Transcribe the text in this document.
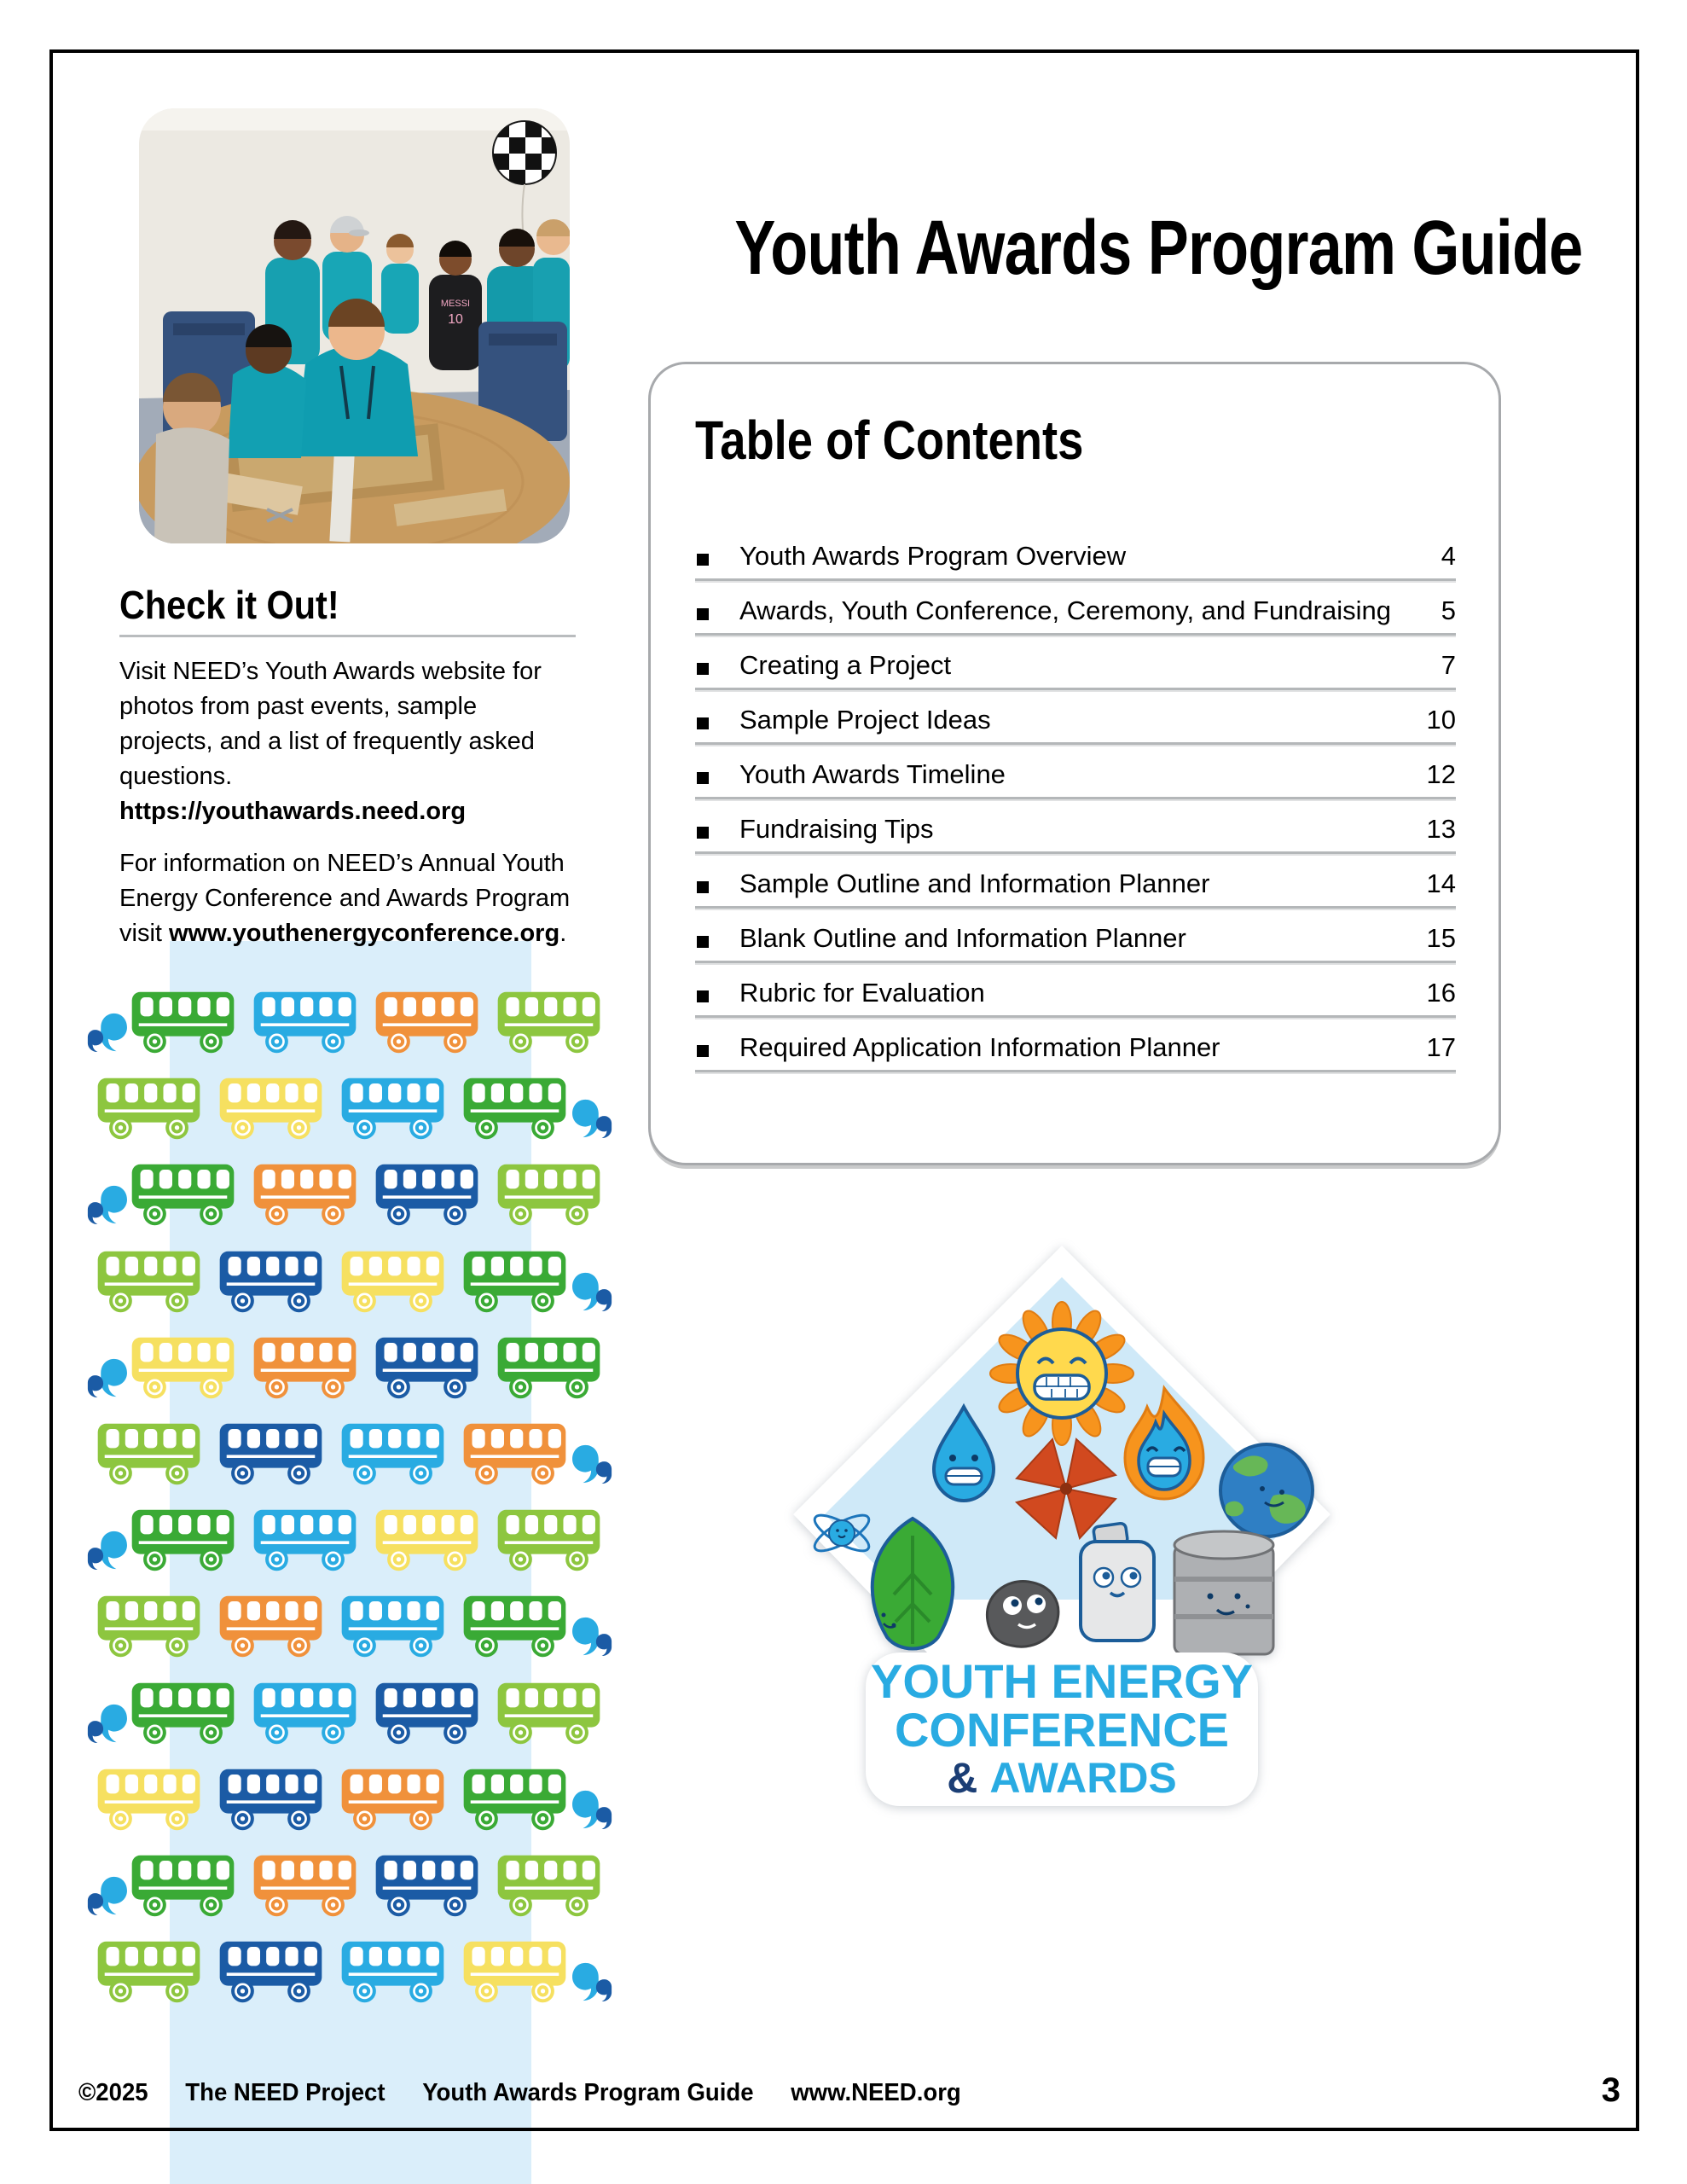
MESSI
10
Check it Out!

Visit NEED’s Youth Awards website for photos from past events, sample projects, and a list of frequently asked questions. https://youthawards.need.org

For information on NEED’s Annual Youth Energy Conference and Awards Program visit www.youthenergyconference.org.

Youth Awards Program Guide
Table of Contents
Youth Awards Program Overview	4
Awards, Youth Conference, Ceremony, and Fundraising 5
Creating a Project	7
Sample Project Ideas	10
Youth Awards Timeline	12
Fundraising Tips	13
Sample Outline and Information Planner	14
Blank Outline and Information Planner	15
Rubric for Evaluation	16
Required Application Information Planner	17
YOUTH ENERGY
CONFERENCE
& AWARDS
©2025 The NEED Project Youth Awards Program Guide www.NEED.org	3
